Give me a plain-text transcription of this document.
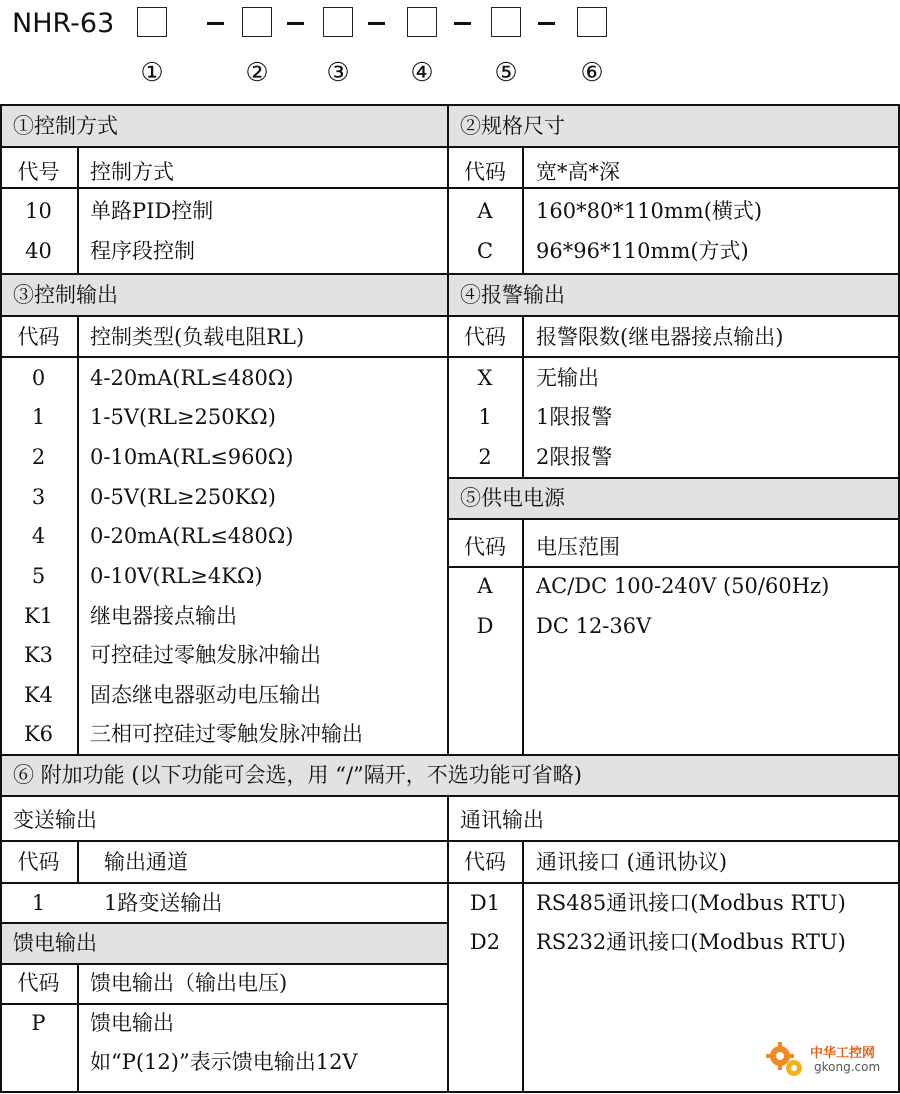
NHR-63
①	② ③ ④ ⑤ ⑥
①控制方式
代号	控制方式
10	单路PID控制
40	程序段控制
②规格尺寸
代码	宽*高*深
A	160*80*110mm(横式)
C	96*96*110mm(方式)
③控制输出
代码	控制类型(负载电阻RL)
0	4-20mA(RL≤480Ω)
1	1-5V(RL≥250KΩ)
2	0-10mA(RL≤960Ω)
3	0-5V(RL≥250KΩ)
4	0-20mA(RL≤480Ω)
5	0-10V(RL≥4KΩ)
K1	继电器接点输出
K3	可控硅过零触发脉冲输出
K4	固态继电器驱动电压输出
K6	三相可控硅过零触发脉冲输出
④报警输出
代码	报警限数(继电器接点输出)
X	无输出
1	1限报警
2	2限报警
⑤供电电源
代码	电压范围
A	AC/DC 100-240V (50/60Hz)
D	DC 12-36V
⑥ 附加功能 (以下功能可会选，用 “/”隔开，不选功能可省略)
变送输出
代码	输出通道
1	1路变送输出
馈电输出
代码	馈电输出（输出电压)
P	馈电输出
如“P(12)”表示馈电输出12V
通讯输出
代码	通讯接口 (通讯协议)
D1	RS485通讯接口(Modbus RTU)
D2	RS232通讯接口(Modbus RTU)
中华工控网
gkong.com
